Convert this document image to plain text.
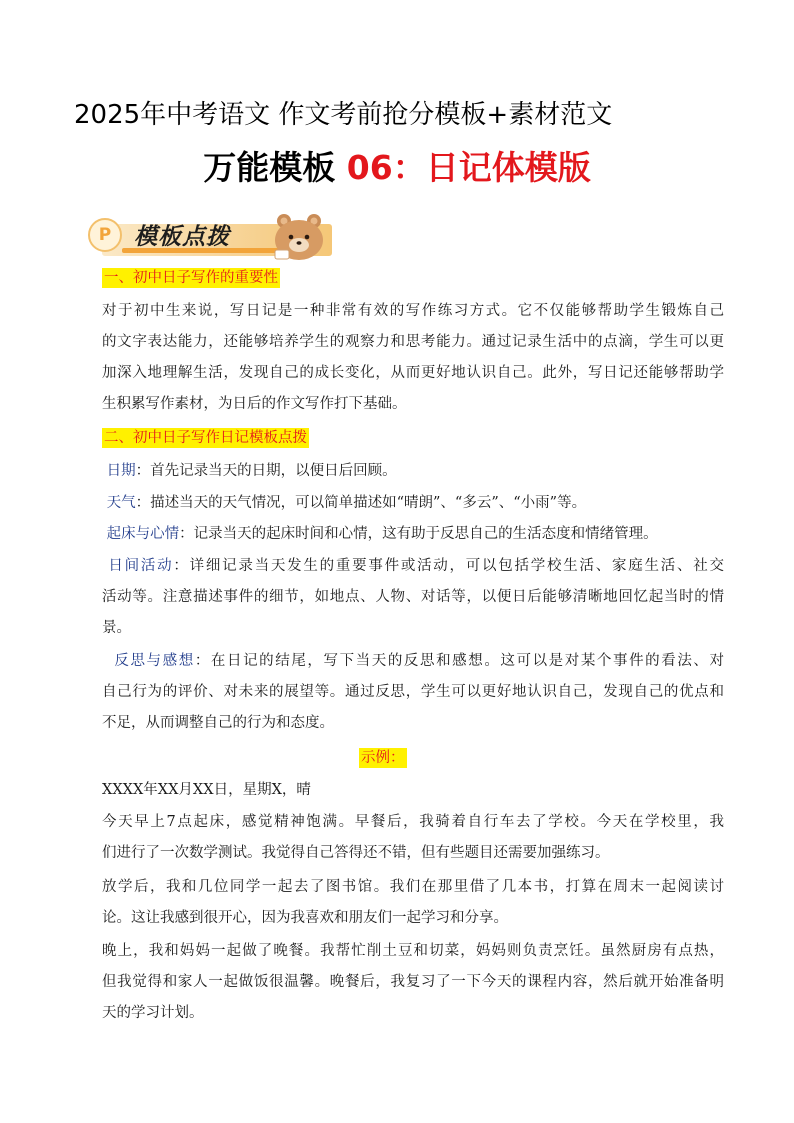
2025年中考语文 作文考前抢分模板+素材范文
万能模板 06：日记体模版
P 模板点拨
一、初中日子写作的重要性
对于初中生来说，写日记是一种非常有效的写作练习方式。它不仅能够帮助学生锻炼自己
的文字表达能力，还能够培养学生的观察力和思考能力。通过记录生活中的点滴，学生可以更
加深入地理解生活，发现自己的成长变化，从而更好地认识自己。此外，写日记还能够帮助学
生积累写作素材，为日后的作文写作打下基础。
二、初中日子写作日记模板点拨
日期：首先记录当天的日期，以便日后回顾。
天气：描述当天的天气情况，可以简单描述如“晴朗”、“多云”、“小雨”等。
起床与心情：记录当天的起床时间和心情，这有助于反思自己的生活态度和情绪管理。
日间活动：详细记录当天发生的重要事件或活动，可以包括学校生活、家庭生活、社交
活动等。注意描述事件的细节，如地点、人物、对话等，以便日后能够清晰地回忆起当时的情
景。
反思与感想：在日记的结尾，写下当天的反思和感想。这可以是对某个事件的看法、对
自己行为的评价、对未来的展望等。通过反思，学生可以更好地认识自己，发现自己的优点和
不足，从而调整自己的行为和态度。
示例：
XXXX年XX月XX日，星期X，晴
今天早上7点起床，感觉精神饱满。早餐后，我骑着自行车去了学校。今天在学校里，我
们进行了一次数学测试。我觉得自己答得还不错，但有些题目还需要加强练习。
放学后，我和几位同学一起去了图书馆。我们在那里借了几本书，打算在周末一起阅读讨
论。这让我感到很开心，因为我喜欢和朋友们一起学习和分享。
晚上，我和妈妈一起做了晚餐。我帮忙削土豆和切菜，妈妈则负责烹饪。虽然厨房有点热，
但我觉得和家人一起做饭很温馨。晚餐后，我复习了一下今天的课程内容，然后就开始准备明
天的学习计划。
